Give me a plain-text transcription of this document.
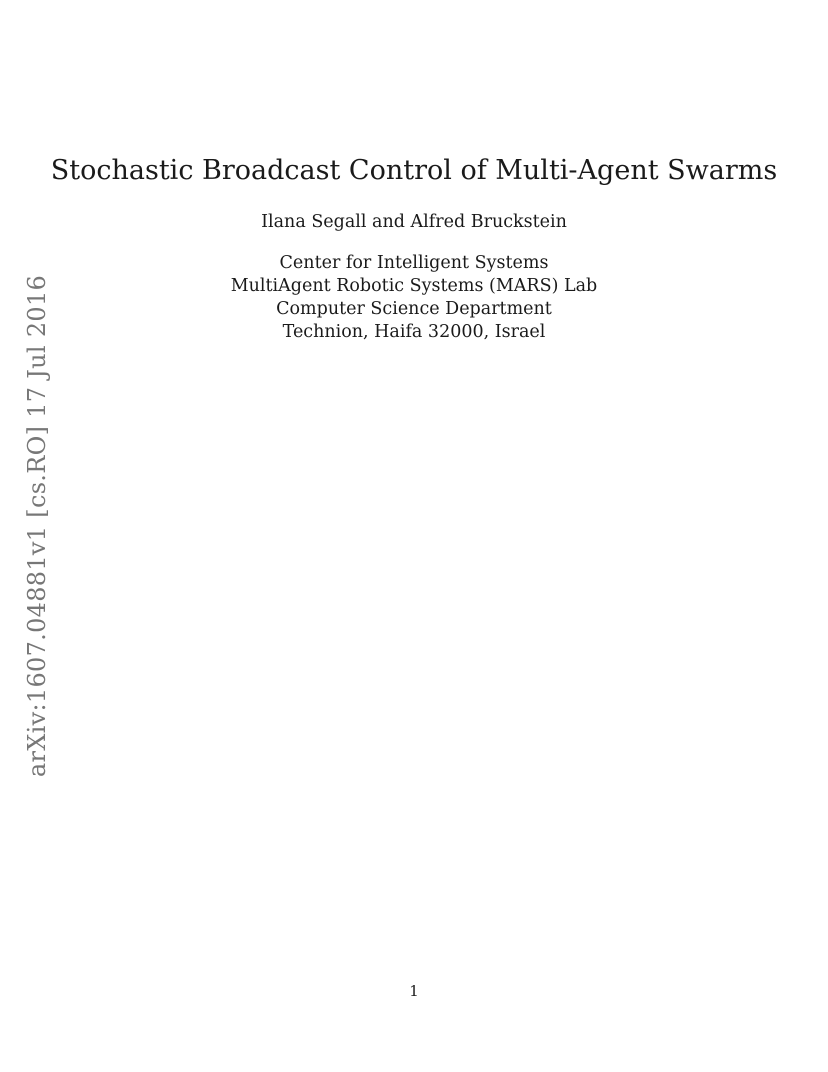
arXiv:1607.04881v1 [cs.RO] 17 Jul 2016
Stochastic Broadcast Control of Multi-Agent Swarms
Ilana Segall and Alfred Bruckstein
Center for Intelligent Systems
MultiAgent Robotic Systems (MARS) Lab
Computer Science Department
Technion, Haifa 32000, Israel
1
